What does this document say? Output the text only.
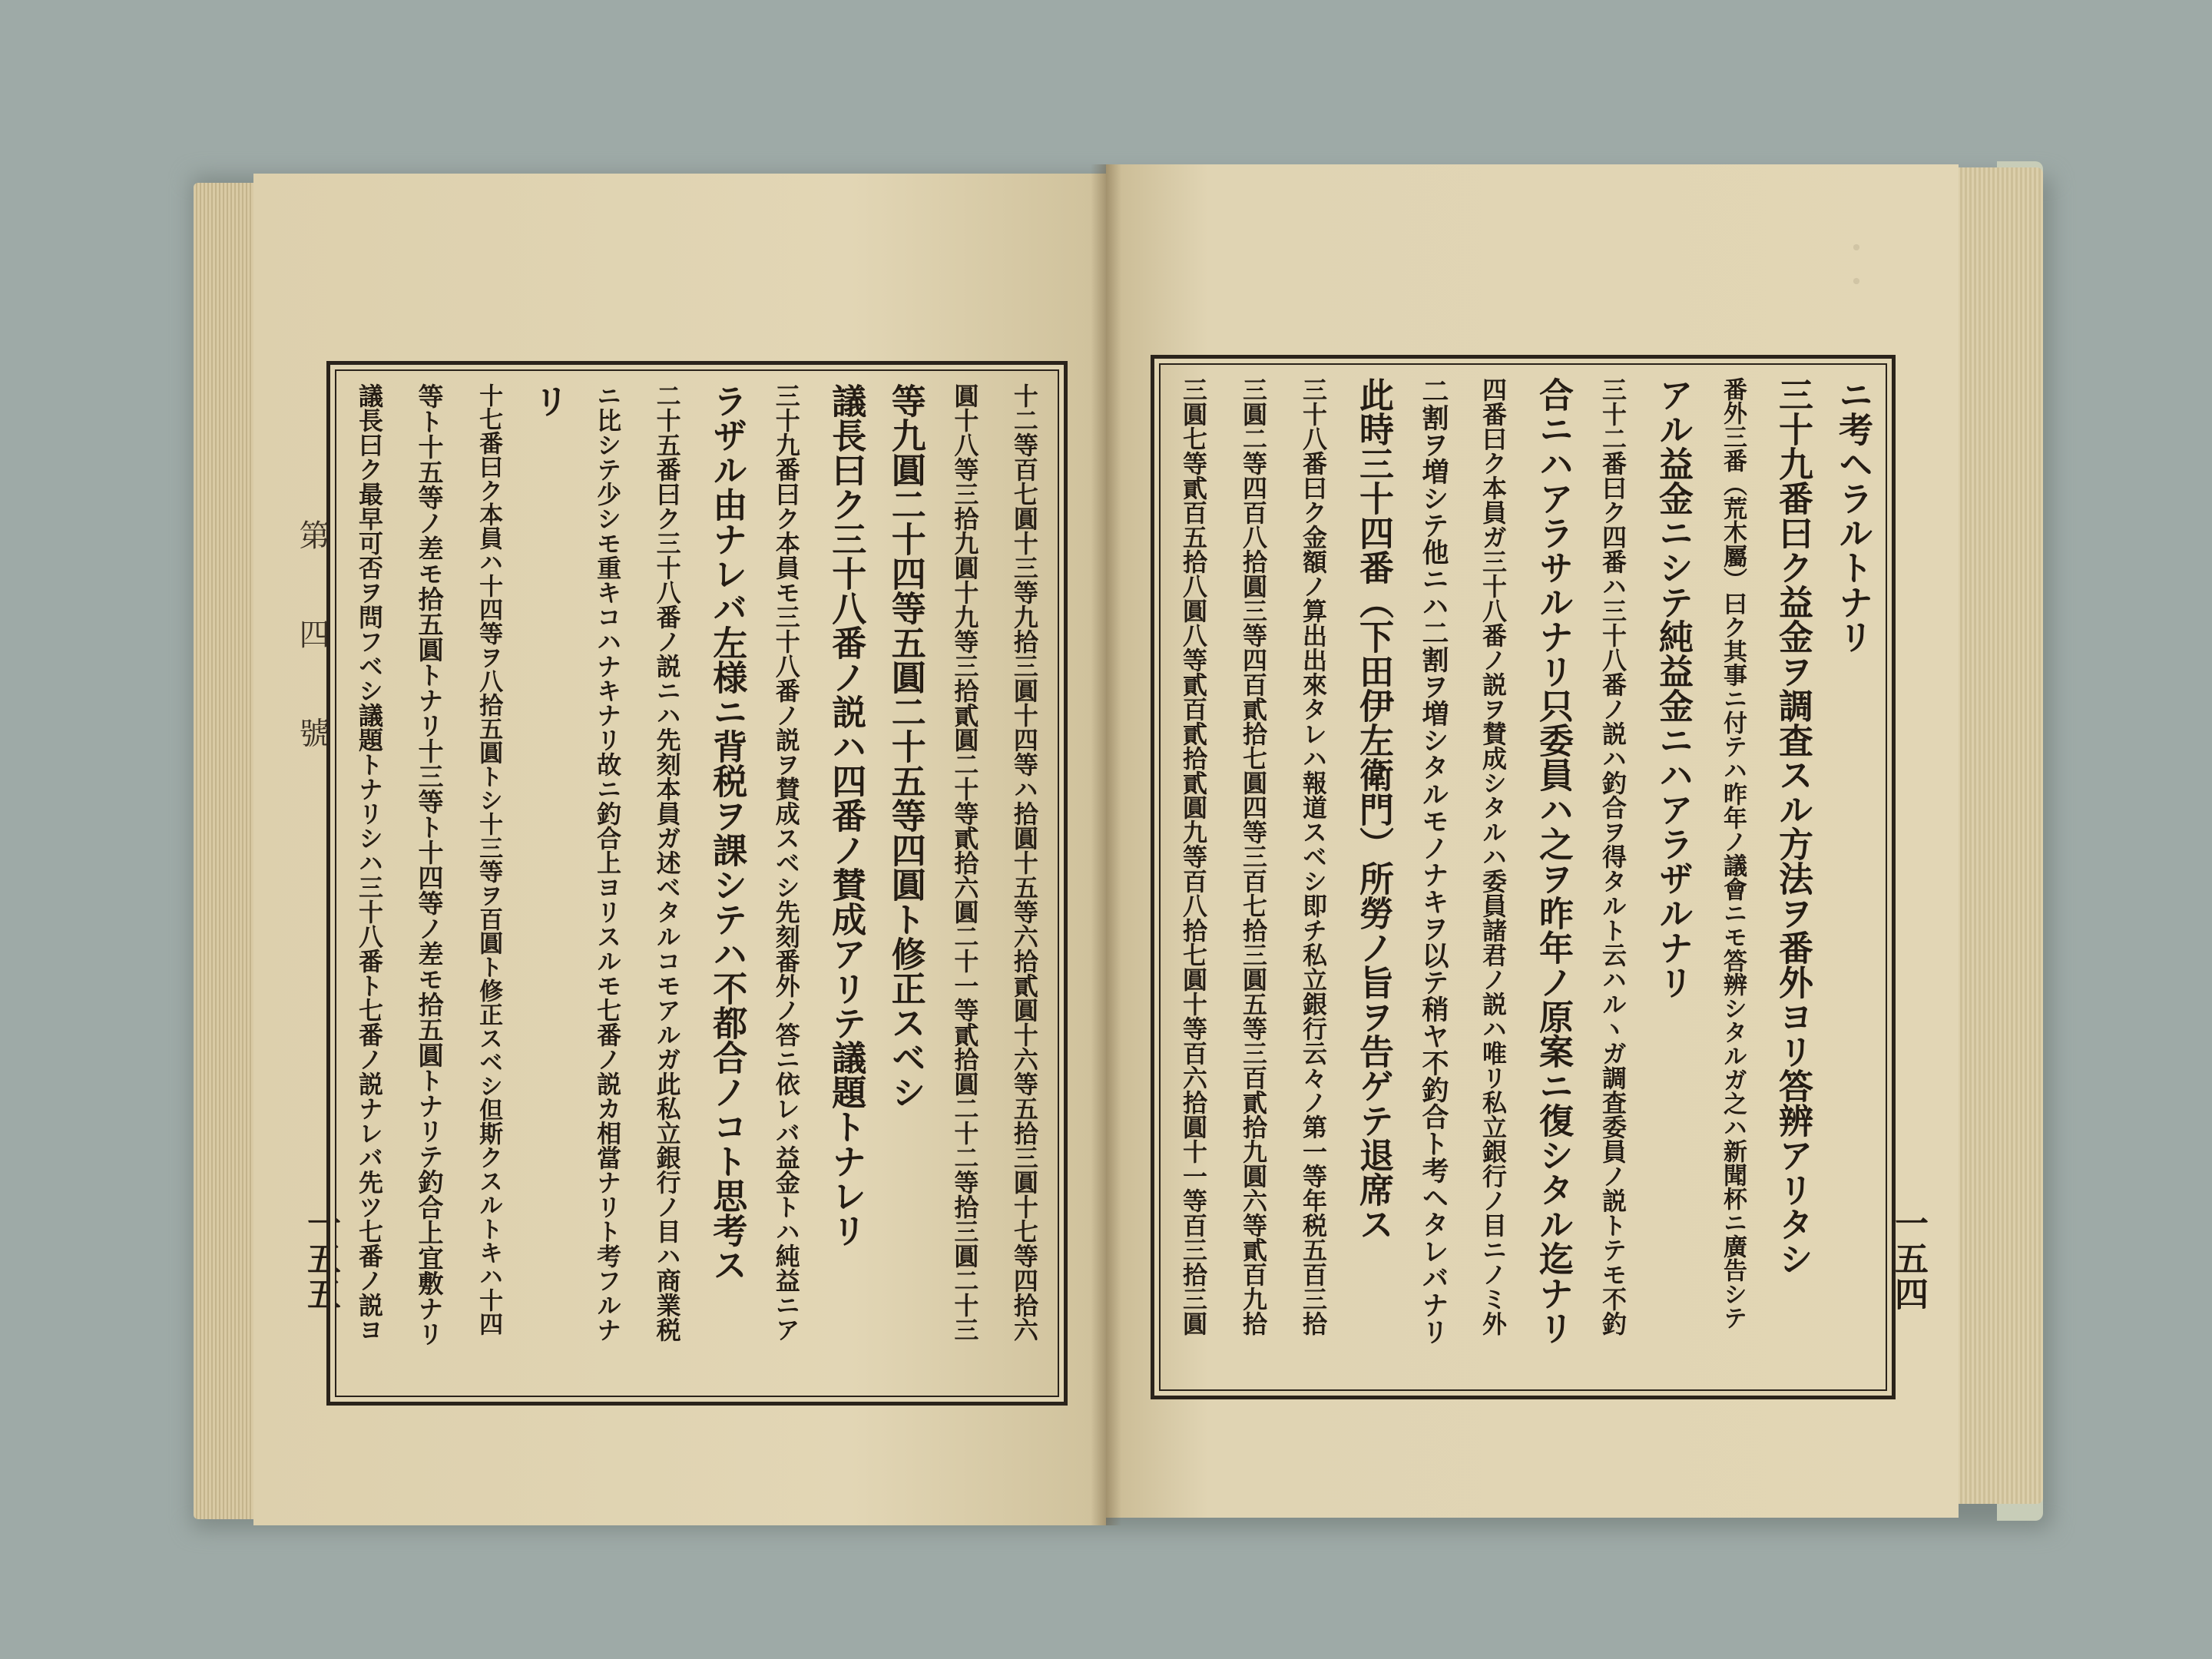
・・
第 四 號
一五五	十二等百七圓十三等九拾三圓十四等ハ拾圓十五等六拾貳圓十六等五拾三圓十七等四拾六
圓十八等三拾九圓十九等三拾貳圓二十等貳拾六圓二十一等貳拾圓二十二等拾三圓二十三
等九圓二十四等五圓二十五等四圓ト修正スベシ
議長曰ク三十八番ノ説ハ四番ノ賛成アリテ議題トナレリ
三十九番曰ク本員モ三十八番ノ説ヲ賛成スベシ先刻番外ノ答ニ依レバ益金トハ純益ニア
ラザル由ナレバ左様ニ背税ヲ課シテハ不都合ノコト思考ス
二十五番曰ク三十八番ノ説ニハ先刻本員ガ述ベタルコモアルガ此私立銀行ノ目ハ商業税
ニ比シテ少シモ重キコハナキナリ故ニ釣合上ヨリスルモ七番ノ説カ相當ナリト考フルナ
リ
十七番曰ク本員ハ十四等ヲ八拾五圓トシ十三等ヲ百圓ト修正スベシ但斯クスルトキハ十四
等ト十五等ノ差モ拾五圓トナリ十三等ト十四等ノ差モ拾五圓トナリテ釣合上宜敷ナリ
議長曰ク最早可否ヲ問フベシ議題トナリシハ三十八番ト七番ノ説ナレバ先ツ七番ノ説ヨ	一五四
ニ考ヘラルトナリ
三十九番曰ク益金ヲ調査スル方法ヲ番外ヨリ答辨アリタシ
番外三番（荒木屬）曰ク其事ニ付テハ昨年ノ議會ニモ答辨シタルガ之ハ新聞杯ニ廣告シテ
アル益金ニシテ純益金ニハアラザルナリ
三十二番曰ク四番ハ三十八番ノ説ハ釣合ヲ得タルト云ハルヽガ調査委員ノ説トテモ不釣
合ニハアラサルナリ只委員ハ之ヲ昨年ノ原案ニ復シタル迄ナリ
四番曰ク本員ガ三十八番ノ説ヲ賛成シタルハ委員諸君ノ説ハ唯リ私立銀行ノ目ニノミ外
二割ヲ増シテ他ニハ二割ヲ増シタルモノナキヲ以テ稍ヤ不釣合ト考ヘタレバナリ
此時三十四番（下田伊左衛門）所勞ノ旨ヲ告ゲテ退席ス
三十八番曰ク金額ノ算出出來タレハ報道スベシ即チ私立銀行云々ノ第一等年税五百三拾
三圓二等四百八拾圓三等四百貳拾七圓四等三百七拾三圓五等三百貳拾九圓六等貳百九拾
三圓七等貳百五拾八圓八等貳百貳拾貳圓九等百八拾七圓十等百六拾圓十一等百三拾三圓
